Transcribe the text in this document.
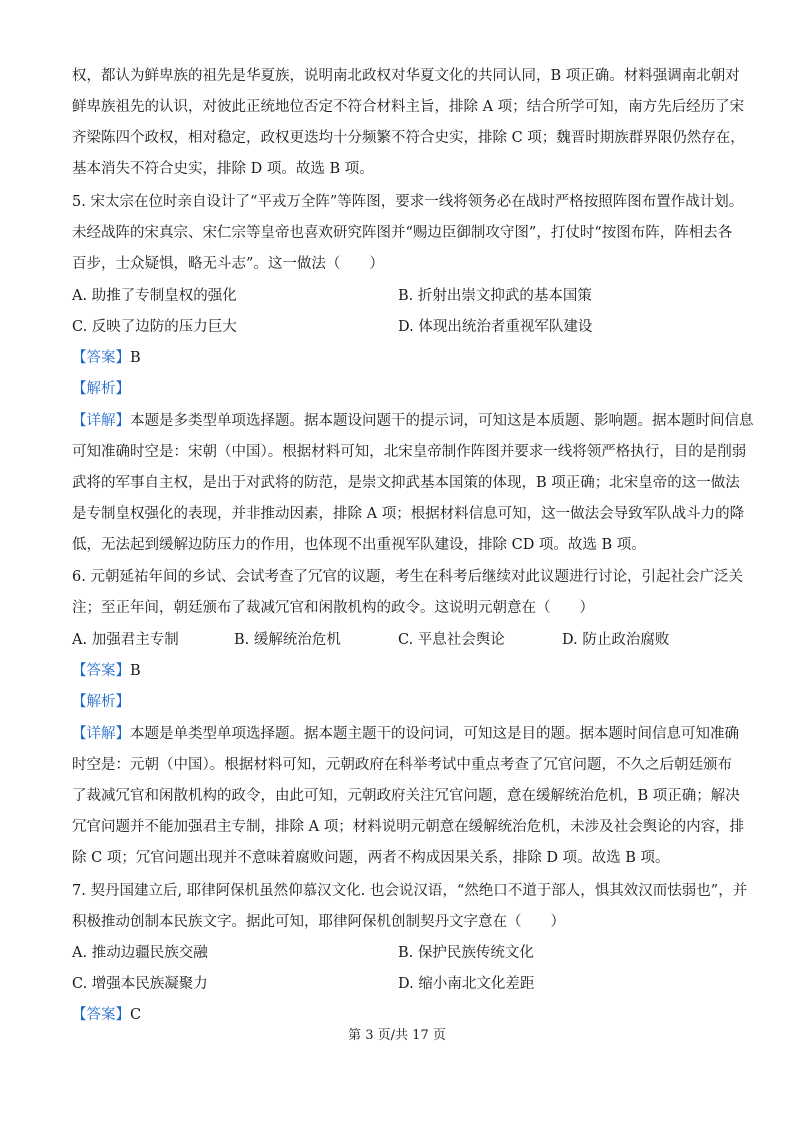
权，都认为鲜卑族的祖先是华夏族，说明南北政权对华夏文化的共同认同，B 项正确。材料强调南北朝对
鲜卑族祖先的认识，对彼此正统地位否定不符合材料主旨，排除 A 项；结合所学可知，南方先后经历了宋
齐梁陈四个政权，相对稳定，政权更迭均十分频繁不符合史实，排除 C 项；魏晋时期族群界限仍然存在，
基本消失不符合史实，排除 D 项。故选 B 项。
5. 宋太宗在位时亲自设计了“平戎万全阵”等阵图，要求一线将领务必在战时严格按照阵图布置作战计划。
未经战阵的宋真宗、宋仁宗等皇帝也喜欢研究阵图并“赐边臣御制攻守图”，打仗时“按图布阵，阵相去各
百步，士众疑惧，略无斗志”。这一做法（　　）
A. 助推了专制皇权的强化	B. 折射出崇文抑武的基本国策
C. 反映了边防的压力巨大	D. 体现出统治者重视军队建设
【答案】B
【解析】
【详解】本题是多类型单项选择题。据本题设问题干的提示词，可知这是本质题、影响题。据本题时间信息
可知准确时空是：宋朝（中国）。根据材料可知，北宋皇帝制作阵图并要求一线将领严格执行，目的是削弱
武将的军事自主权，是出于对武将的防范，是崇文抑武基本国策的体现，B 项正确；北宋皇帝的这一做法
是专制皇权强化的表现，并非推动因素，排除 A 项；根据材料信息可知，这一做法会导致军队战斗力的降
低，无法起到缓解边防压力的作用，也体现不出重视军队建设，排除 CD 项。故选 B 项。
6. 元朝延祐年间的乡试、会试考查了冗官的议题，考生在科考后继续对此议题进行讨论，引起社会广泛关
注；至正年间，朝廷颁布了裁减冗官和闲散机构的政令。这说明元朝意在（　　）
A. 加强君主专制	B. 缓解统治危机	C. 平息社会舆论	D. 防止政治腐败
【答案】B
【解析】
【详解】本题是单类型单项选择题。据本题主题干的设问词，可知这是目的题。据本题时间信息可知准确
时空是：元朝（中国）。根据材料可知，元朝政府在科举考试中重点考查了冗官问题，不久之后朝廷颁布
了裁减冗官和闲散机构的政令，由此可知，元朝政府关注冗官问题，意在缓解统治危机，B 项正确；解决
冗官问题并不能加强君主专制，排除 A 项；材料说明元朝意在缓解统治危机，未涉及社会舆论的内容，排
除 C 项；冗官问题出现并不意味着腐败问题，两者不构成因果关系，排除 D 项。故选 B 项。
7. 契丹国建立后, 耶律阿保机虽然仰慕汉文化. 也会说汉语，“然绝口不道于部人，惧其效汉而怯弱也”，并
积极推动创制本民族文字。据此可知，耶律阿保机创制契丹文字意在（　　）
A. 推动边疆民族交融	B. 保护民族传统文化
C. 增强本民族凝聚力	D. 缩小南北文化差距
【答案】C
第 3 页/共 17 页
